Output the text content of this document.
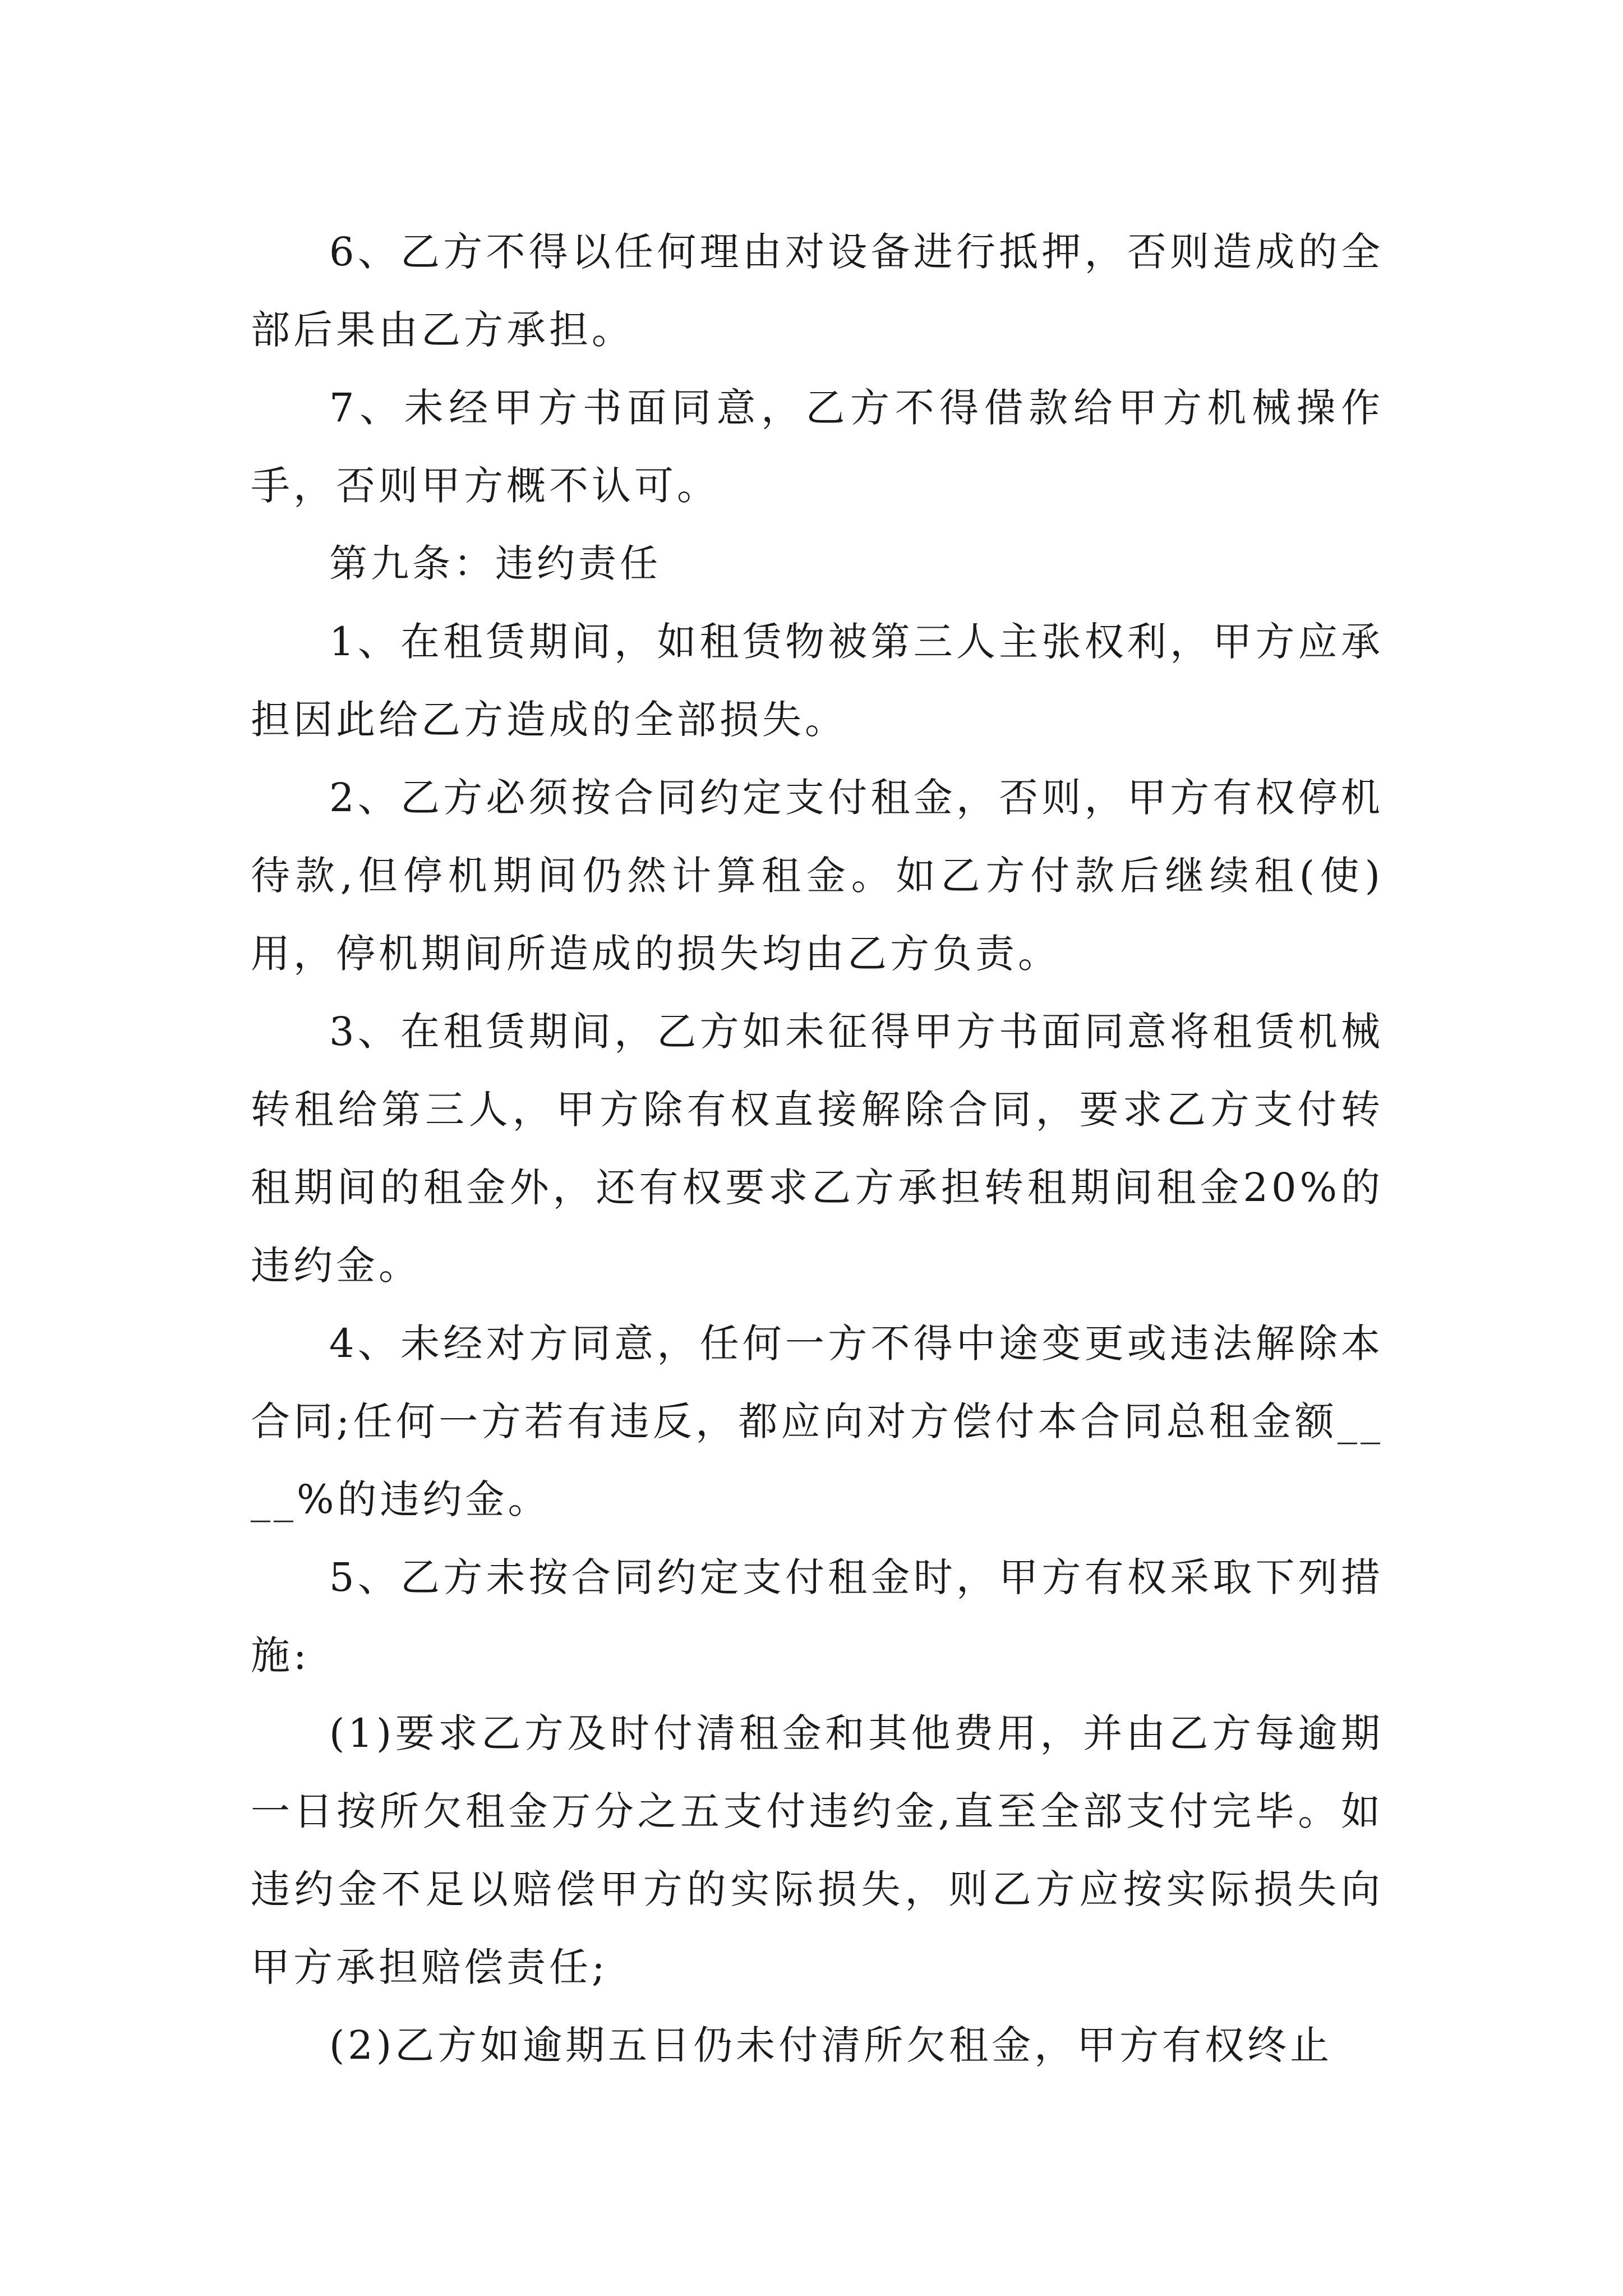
6、乙方不得以任何理由对设备进行抵押，否则造成的全部后果由乙方承担。

7、未经甲方书面同意，乙方不得借款给甲方机械操作手，否则甲方概不认可。

第九条：违约责任

1、在租赁期间，如租赁物被第三人主张权利，甲方应承担因此给乙方造成的全部损失。

2、乙方必须按合同约定支付租金，否则，甲方有权停机待款,但停机期间仍然计算租金。如乙方付款后继续租(使)用，停机期间所造成的损失均由乙方负责。

3、在租赁期间，乙方如未征得甲方书面同意将租赁机械转租给第三人，甲方除有权直接解除合同，要求乙方支付转租期间的租金外，还有权要求乙方承担转租期间租金20%的违约金。

4、未经对方同意，任何一方不得中途变更或违法解除本合同;任何一方若有违反，都应向对方偿付本合同总租金额____%的违约金。

5、乙方未按合同约定支付租金时，甲方有权采取下列措施:

(1)要求乙方及时付清租金和其他费用，并由乙方每逾期一日按所欠租金万分之五支付违约金,直至全部支付完毕。如违约金不足以赔偿甲方的实际损失，则乙方应按实际损失向甲方承担赔偿责任;

(2)乙方如逾期五日仍未付清所欠租金，甲方有权终止
